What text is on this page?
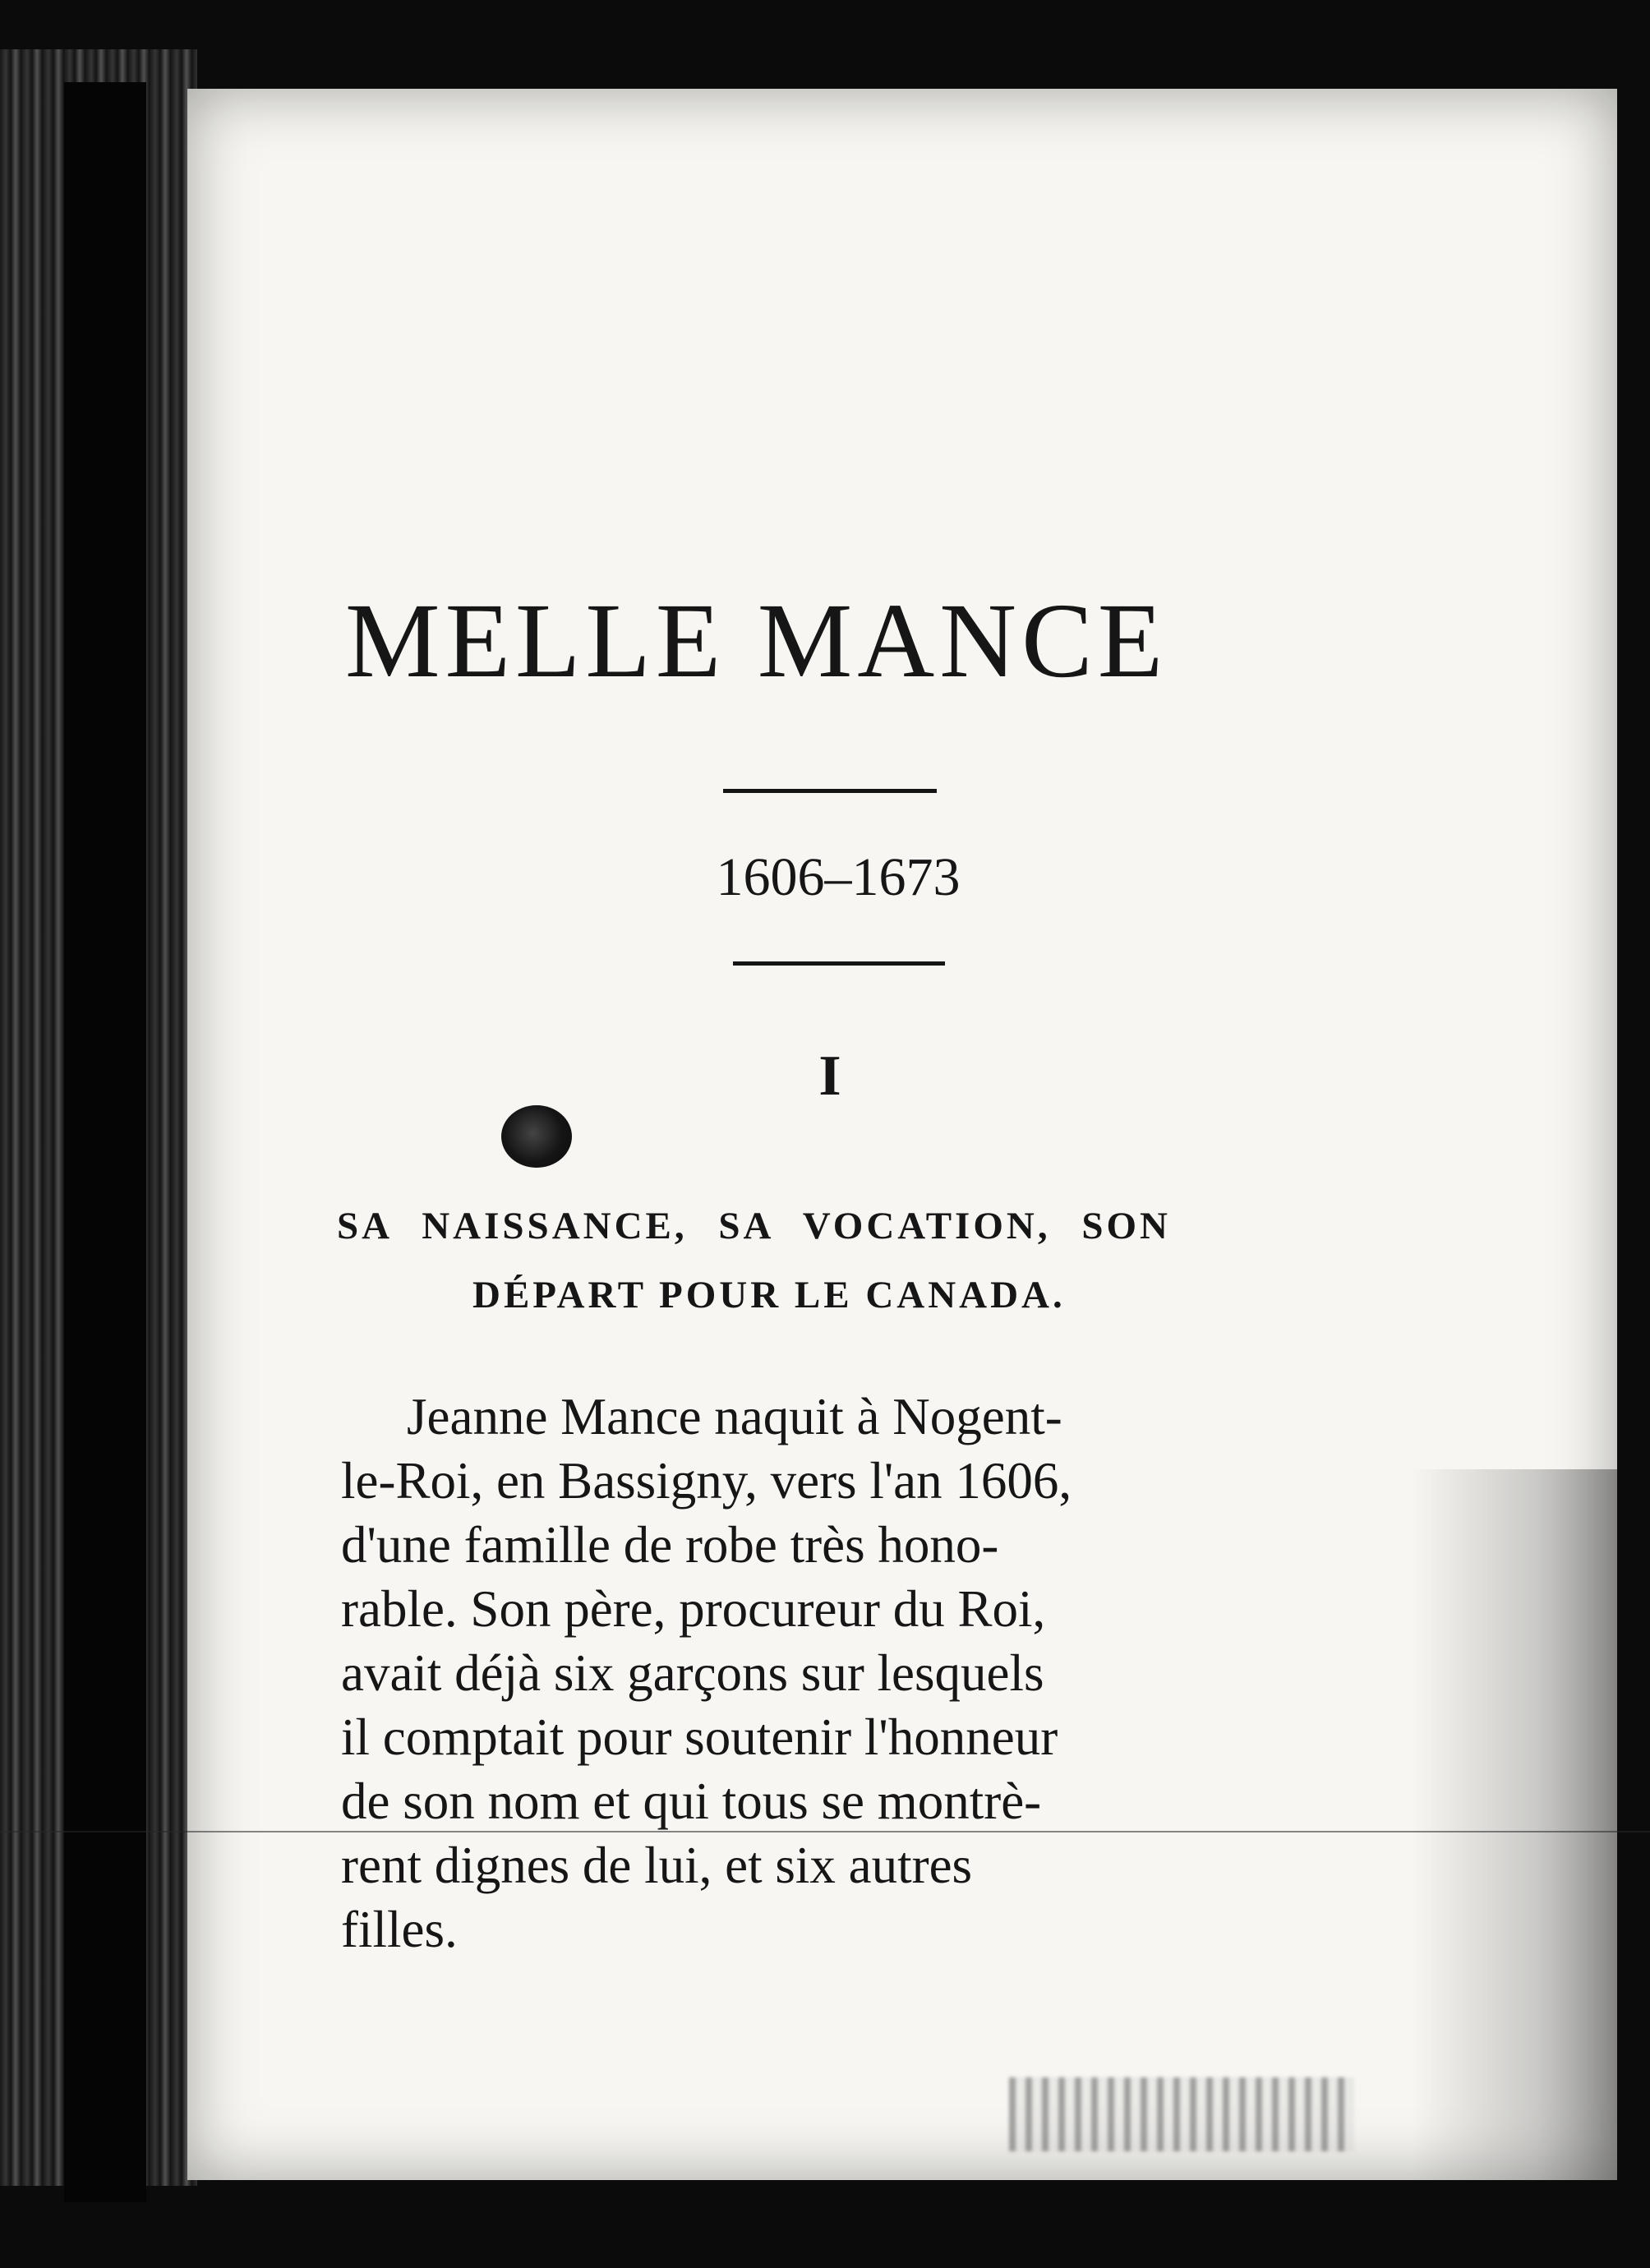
MELLE MANCE
1606–1673
I
SA NAISSANCE, SA VOCATION, SON
DÉPART POUR LE CANADA.
Jeanne Mance naquit à Nogent-
le-Roi, en Bassigny, vers l'an 1606,
d'une famille de robe très hono-
rable. Son père, procureur du Roi,
avait déjà six garçons sur lesquels
il comptait pour soutenir l'honneur
de son nom et qui tous se montrè-
rent dignes de lui, et six autres
filles.
